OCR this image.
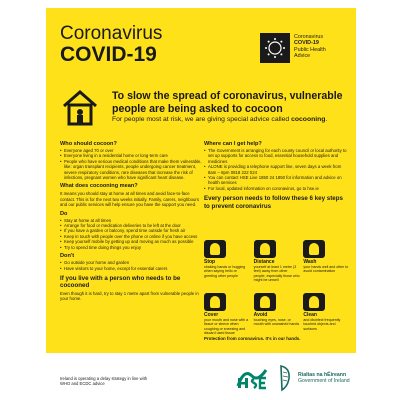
Coronavirus
COVID-19
Coronavirus
COVID-19
Public Health
Advice
To slow the spread of coronavirus, vulnerable people are being asked to cocoon
For people most at risk, we are giving special advice called cocooning.
Who should cocoon?
• Everyone aged 70 or over
• Everyone living in a residential home or long-term care
• People who have serious medical conditions that make them vulnerable, like: organ transplant recipients, people undergoing cancer treatment, severe respiratory conditions, rare diseases that increase the risk of infections, pregnant women who have significant heart disease.
What does cocooning mean?

It means you should stay at home at all times and avoid face-to-face contact. This is for the next two weeks initially. Family, carers, neighbours and our public services will help ensure you have the support you need.

Do
• Stay at home at all times
• Arrange for food or medication deliveries to be left at the door
• If you have a garden or balcony, spend time outside for fresh air
• Keep in touch with people over the phone or online if you have access
• Keep yourself mobile by getting up and moving as much as possible
• Try to spend time doing things you enjoy
Don't
• Go outside your home and garden
• Have visitors to your home, except for essential carers
If you live with a person who needs to be cocooned

Even though it is hard, try to stay 1 metre apart from vulnerable people in your home.

Where can I get help?
• The Government is arranging for each county council or local authority to set up supports for access to food, essential household supplies and medicines
• ALONE is providing a telephone support line, seven days a week from 8am – 8pm 0818 222 024
• You can contact HSE Live 1850 24 1850 for information and advice on health services
• For local, updated information on coronavirus, go to hse.ie
Every person needs to follow these 6 key steps to prevent coronavirus
Stop
shaking hands or hugging when saying hello or greeting other people
Distance
yourself at least 1 metre (3 feet) away from other people, especially those who might be unwell
Wash
your hands well and often to avoid contamination
Cover
your mouth and nose with a tissue or sleeve when coughing or sneezing and discard used tissue
Avoid
touching eyes, nose, or mouth with unwashed hands
Clean
and disinfect frequently touched objects and surfaces
Protection from coronavirus. It's in our hands.
Ireland is operating a delay strategy in line with WHO and ECDC advice
Rialtas na hÉireann
Government of Ireland
